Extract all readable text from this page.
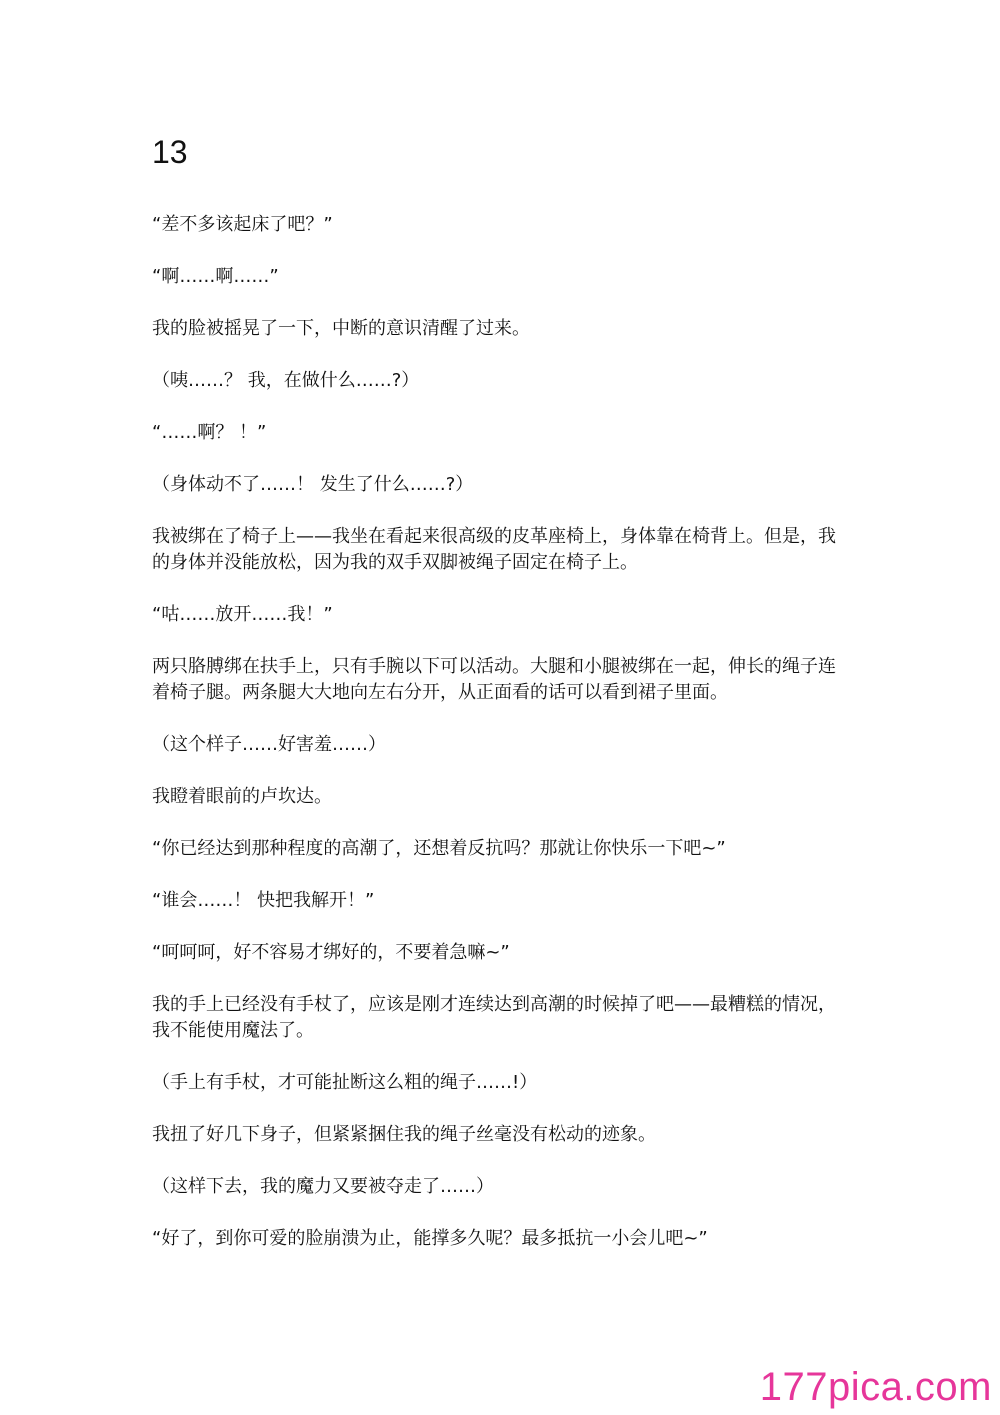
13

“差不多该起床了吧？”

“啊……啊……”

我的脸被摇晃了一下，中断的意识清醒了过来。

（咦……？ 我，在做什么……?）

“……啊？ ！”

（身体动不了……！ 发生了什么……?）

我被绑在了椅子上——我坐在看起来很高级的皮革座椅上，身体靠在椅背上。但是，我的身体并没能放松，因为我的双手双脚被绳子固定在椅子上。

“咕……放开……我！”

两只胳膊绑在扶手上，只有手腕以下可以活动。大腿和小腿被绑在一起，伸长的绳子连着椅子腿。两条腿大大地向左右分开，从正面看的话可以看到裙子里面。

（这个样子……好害羞……）

我瞪着眼前的卢坎达。

“你已经达到那种程度的高潮了，还想着反抗吗？那就让你快乐一下吧~”

“谁会……！ 快把我解开！”

“呵呵呵，好不容易才绑好的，不要着急嘛~”

我的手上已经没有手杖了，应该是刚才连续达到高潮的时候掉了吧——最糟糕的情况，我不能使用魔法了。

（手上有手杖，才可能扯断这么粗的绳子……!）

我扭了好几下身子，但紧紧捆住我的绳子丝毫没有松动的迹象。

（这样下去，我的魔力又要被夺走了……）

“好了，到你可爱的脸崩溃为止，能撑多久呢？最多抵抗一小会儿吧~”

177pica.com
